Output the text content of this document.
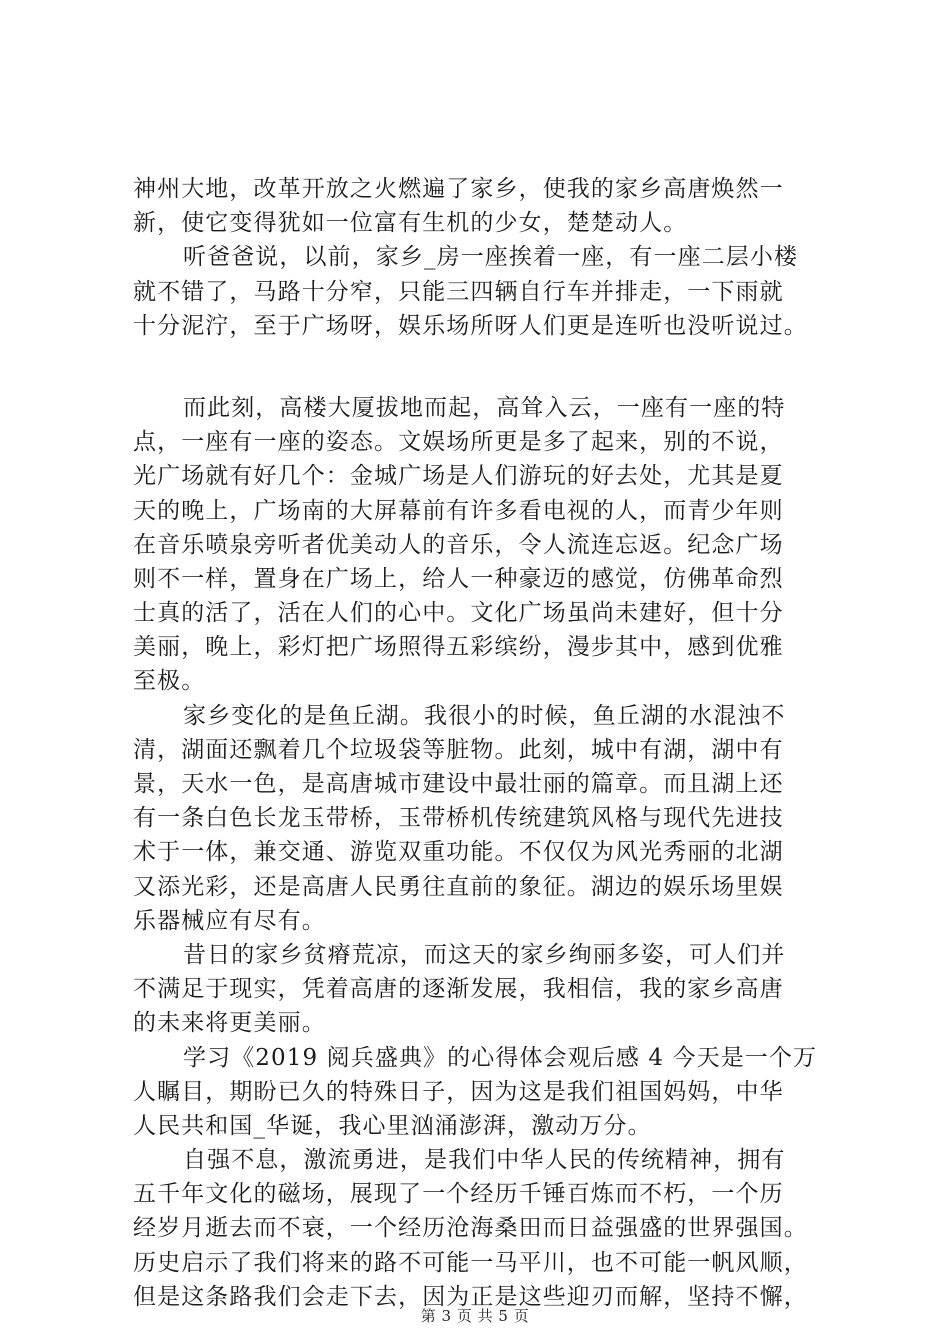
神州大地，改革开放之火燃遍了家乡，使我的家乡高唐焕然一
新，使它变得犹如一位富有生机的少女，楚楚动人。
听爸爸说，以前，家乡_房一座挨着一座，有一座二层小楼
就不错了，马路十分窄，只能三四辆自行车并排走，一下雨就
十分泥泞，至于广场呀，娱乐场所呀人们更是连听也没听说过。
而此刻，高楼大厦拔地而起，高耸入云，一座有一座的特
点，一座有一座的姿态。文娱场所更是多了起来，别的不说，
光广场就有好几个：金城广场是人们游玩的好去处，尤其是夏
天的晚上，广场南的大屏幕前有许多看电视的人，而青少年则
在音乐喷泉旁听者优美动人的音乐，令人流连忘返。纪念广场
则不一样，置身在广场上，给人一种豪迈的感觉，仿佛革命烈
士真的活了，活在人们的心中。文化广场虽尚未建好，但十分
美丽，晚上，彩灯把广场照得五彩缤纷，漫步其中，感到优雅
至极。
家乡变化的是鱼丘湖。我很小的时候，鱼丘湖的水混浊不
清，湖面还飘着几个垃圾袋等脏物。此刻，城中有湖，湖中有
景，天水一色，是高唐城市建设中最壮丽的篇章。而且湖上还
有一条白色长龙玉带桥，玉带桥机传统建筑风格与现代先进技
术于一体，兼交通、游览双重功能。不仅仅为风光秀丽的北湖
又添光彩，还是高唐人民勇往直前的象征。湖边的娱乐场里娱
乐器械应有尽有。
昔日的家乡贫瘠荒凉，而这天的家乡绚丽多姿，可人们并
不满足于现实，凭着高唐的逐渐发展，我相信，我的家乡高唐
的未来将更美丽。
学习《2019 阅兵盛典》的心得体会观后感 4 今天是一个万
人瞩目，期盼已久的特殊日子，因为这是我们祖国妈妈，中华
人民共和国_华诞，我心里汹涌澎湃，激动万分。
自强不息，激流勇进，是我们中华人民的传统精神，拥有
五千年文化的磁场，展现了一个经历千锤百炼而不朽，一个历
经岁月逝去而不衰，一个经历沧海桑田而日益强盛的世界强国。
历史启示了我们将来的路不可能一马平川，也不可能一帆风顺，
但是这条路我们会走下去，因为正是这些迎刃而解，坚持不懈，
第 3 页 共 5 页
